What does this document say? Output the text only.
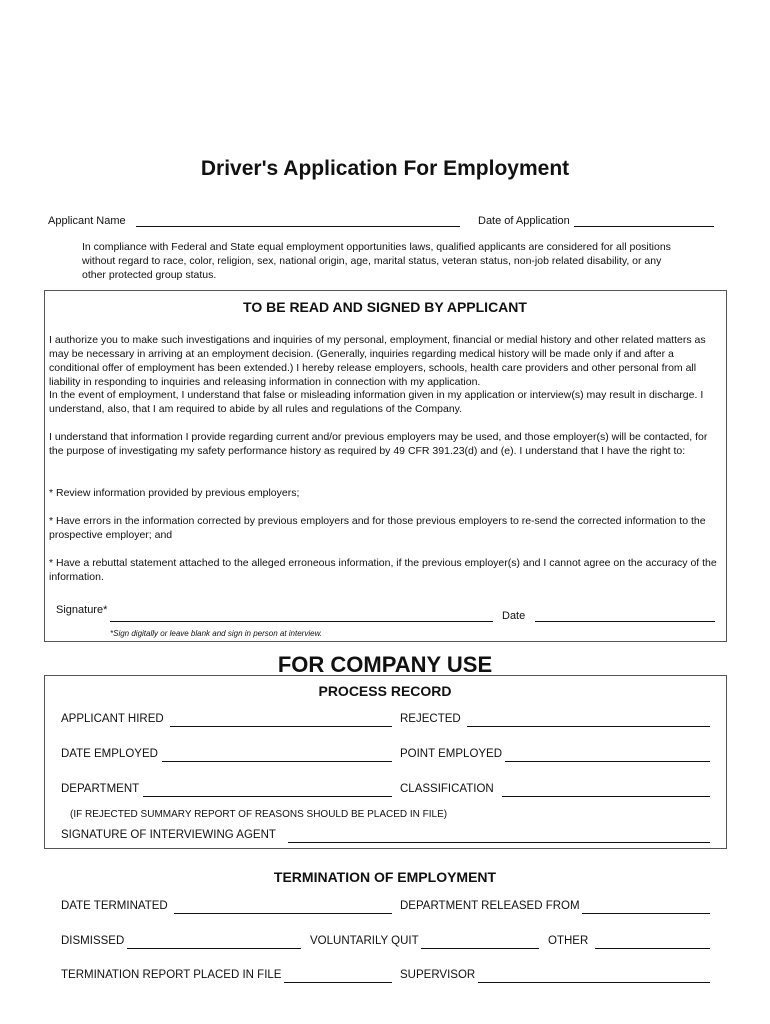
Driver's Application For Employment
Applicant Name	Date of Application
In compliance with Federal and State equal employment opportunities laws, qualified applicants are considered for all positions without regard to race, color, religion, sex, national origin, age, marital status, veteran status, non-job related disability, or any other protected group status.
TO BE READ AND SIGNED BY APPLICANT
I authorize you to make such investigations and inquiries of my personal, employment, financial or medial history and other related matters as may be necessary in arriving at an employment decision. (Generally, inquiries regarding medical history will be made only if and after a conditional offer of employment has been extended.) I hereby release employers, schools, health care providers and other personal from all liability in responding to inquiries and releasing information in connection with my application.
In the event of employment, I understand that false or misleading information given in my application or interview(s) may result in discharge. I understand, also, that I am required to abide by all rules and regulations of the Company.
I understand that information I provide regarding current and/or previous employers may be used, and those employer(s) will be contacted, for the purpose of investigating my safety performance history as required by 49 CFR 391.23(d) and (e). I understand that I have the right to:
* Review information provided by previous employers;
* Have errors in the information corrected by previous employers and for those previous employers to re-send the corrected information to the prospective employer; and
* Have a rebuttal statement attached to the alleged erroneous information, if the previous employer(s) and I cannot agree on the accuracy of the information.
Signature*	Date
*Sign digitally or leave blank and sign in person at interview.
FOR COMPANY USE
PROCESS RECORD
APPLICANT HIRED	REJECTED
DATE EMPLOYED	POINT EMPLOYED
DEPARTMENT	CLASSIFICATION
(IF REJECTED SUMMARY REPORT OF REASONS SHOULD BE PLACED IN FILE)
SIGNATURE OF INTERVIEWING AGENT
TERMINATION OF EMPLOYMENT
DATE TERMINATED	DEPARTMENT RELEASED FROM
DISMISSED	VOLUNTARILY QUIT	OTHER
TERMINATION REPORT PLACED IN FILE	SUPERVISOR
